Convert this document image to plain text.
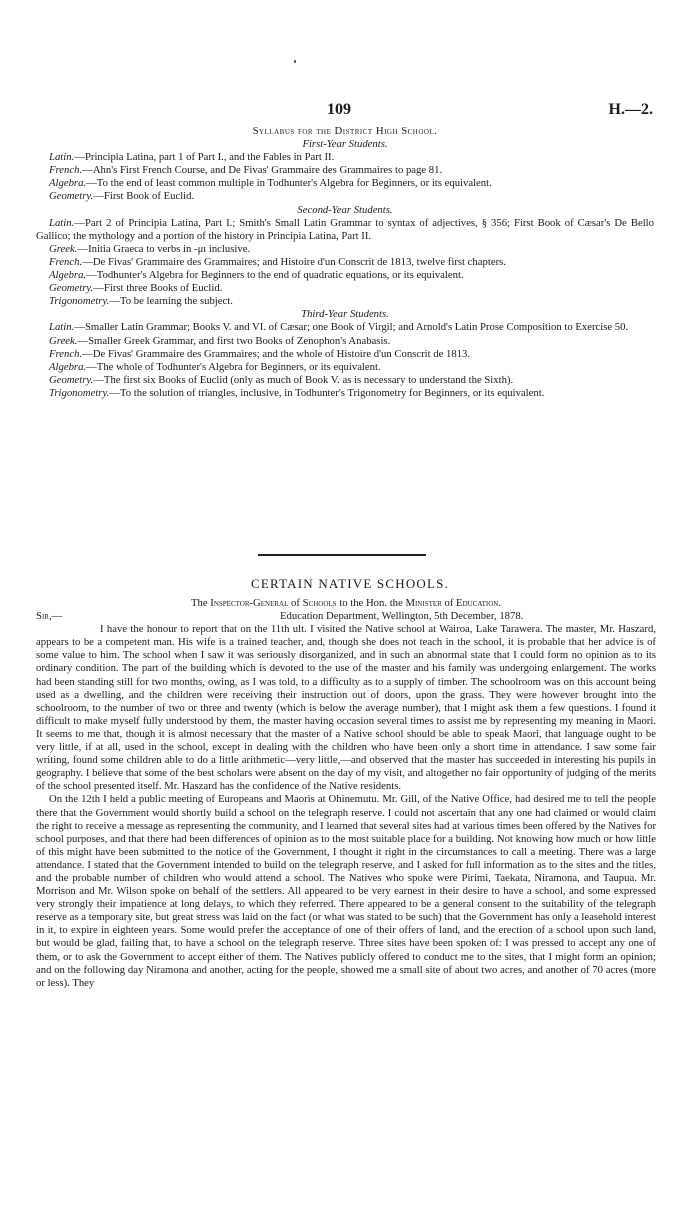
109	H.—2.

Syllabus for the District High School.

First-Year Students.

Latin.—Principia Latina, part 1 of Part I., and the Fables in Part II.

French.—Ahn's First French Course, and De Fivas' Grammaire des Grammaires to page 81.

Algebra.—To the end of least common multiple in Todhunter's Algebra for Beginners, or its equivalent.

Geometry.—First Book of Euclid.

Second-Year Students.

Latin.—Part 2 of Principia Latina, Part I.; Smith's Small Latin Grammar to syntax of adjectives, § 356; First Book of Cæsar's De Bello Gallico; the mythology and a portion of the history in Principia Latina, Part II.

Greek.—Initia Graeca to verbs in -μι inclusive.

French.—De Fivas' Grammaire des Grammaires; and Histoire d'un Conscrit de 1813, twelve first chapters.

Algebra.—Todhunter's Algebra for Beginners to the end of quadratic equations, or its equivalent.

Geometry.—First three Books of Euclid.

Trigonometry.—To be learning the subject.

Third-Year Students.

Latin.—Smaller Latin Grammar; Books V. and VI. of Cæsar; one Book of Virgil; and Arnold's Latin Prose Composition to Exercise 50.

Greek.—Smaller Greek Grammar, and first two Books of Zenophon's Anabasis.

French.—De Fivas' Grammaire des Grammaires; and the whole of Histoire d'un Conscrit de 1813.

Algebra.—The whole of Todhunter's Algebra for Beginners, or its equivalent.

Geometry.—The first six Books of Euclid (only as much of Book V. as is necessary to understand the Sixth).

Trigonometry.—To the solution of triangles, inclusive, in Todhunter's Trigonometry for Beginners, or its equivalent.

CERTAIN NATIVE SCHOOLS.

The Inspector-General of Schools to the Hon. the Minister of Education.

Sir,—	Education Department, Wellington, 5th December, 1878.

I have the honour to report that on the 11th ult. I visited the Native school at Wairoa, Lake Tarawera. The master, Mr. Haszard, appears to be a competent man. His wife is a trained teacher, and, though she does not teach in the school, it is probable that her advice is of some value to him. The school when I saw it was seriously disorganized, and in such an abnormal state that I could form no opinion as to its ordinary condition. The part of the building which is devoted to the use of the master and his family was undergoing enlargement. The works had been standing still for two months, owing, as I was told, to a difficulty as to a supply of timber. The schoolroom was on this account being used as a dwelling, and the children were receiving their instruction out of doors, upon the grass. They were however brought into the schoolroom, to the number of two or three and twenty (which is below the average number), that I might ask them a few questions. I found it difficult to make myself fully understood by them, the master having occasion several times to assist me by representing my meaning in Maori. It seems to me that, though it is almost necessary that the master of a Native school should be able to speak Maori, that language ought to be very little, if at all, used in the school, except in dealing with the children who have been only a short time in attendance. I saw some fair writing, found some children able to do a little arithmetic—very little,—and observed that the master has succeeded in interesting his pupils in geography. I believe that some of the best scholars were absent on the day of my visit, and altogether no fair opportunity of judging of the merits of the school presented itself. Mr. Haszard has the confidence of the Native residents.

On the 12th I held a public meeting of Europeans and Maoris at Ohinemutu. Mr. Gill, of the Native Office, had desired me to tell the people there that the Government would shortly build a school on the telegraph reserve. I could not ascertain that any one had claimed or would claim the right to receive a message as representing the community, and I learned that several sites had at various times been offered by the Natives for school purposes, and that there had been differences of opinion as to the most suitable place for a building. Not knowing how much or how little of this might have been submitted to the notice of the Government, I thought it right in the circumstances to call a meeting. There was a large attendance. I stated that the Government intended to build on the telegraph reserve, and I asked for full information as to the sites and the titles, and the probable number of children who would attend a school. The Natives who spoke were Pirimi, Taekata, Niramona, and Taupua. Mr. Morrison and Mr. Wilson spoke on behalf of the settlers. All appeared to be very earnest in their desire to have a school, and some expressed very strongly their impatience at long delays, to which they referred. There appeared to be a general consent to the suitability of the telegraph reserve as a temporary site, but great stress was laid on the fact (or what was stated to be such) that the Government has only a leasehold interest in it, to expire in eighteen years. Some would prefer the acceptance of one of their offers of land, and the erection of a school upon such land, but would be glad, failing that, to have a school on the telegraph reserve. Three sites have been spoken of: I was pressed to accept any one of them, or to ask the Government to accept either of them. The Natives publicly offered to conduct me to the sites, that I might form an opinion; and on the following day Niramona and another, acting for the people, showed me a small site of about two acres, and another of 70 acres (more or less). They
